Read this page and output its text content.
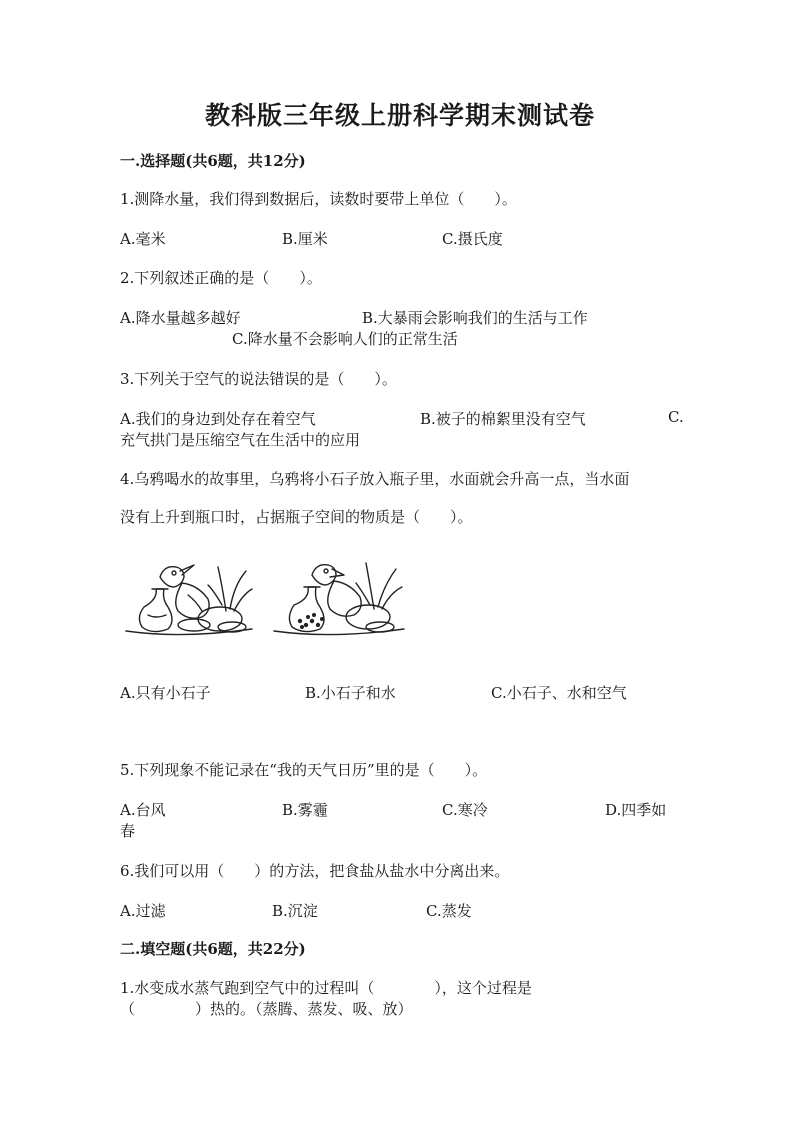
教科版三年级上册科学期末测试卷
一.选择题(共6题，共12分)
1.测降水量，我们得到数据后，读数时要带上单位（　　）。
A.毫米	B.厘米	C.摄氏度
2.下列叙述正确的是（　　）。
A.降水量越多越好	B.大暴雨会影响我们的生活与工作
C.降水量不会影响人们的正常生活
3.下列关于空气的说法错误的是（　　）。
A.我们的身边到处存在着空气	B.被子的棉絮里没有空气	C.
充气拱门是压缩空气在生活中的应用
4.乌鸦喝水的故事里，乌鸦将小石子放入瓶子里，水面就会升高一点，当水面
没有上升到瓶口时，占据瓶子空间的物质是（　　）。
A.只有小石子	B.小石子和水	C.小石子、水和空气
5.下列现象不能记录在“我的天气日历”里的是（　　）。
A.台风	B.雾霾	C.寒冷	D.四季如
春
6.我们可以用（　　）的方法，把食盐从盐水中分离出来。
A.过滤	B.沉淀	C.蒸发
二.填空题(共6题，共22分)
1.水变成水蒸气跑到空气中的过程叫（　　　　），这个过程是
（　　　　）热的。（蒸腾、蒸发、吸、放）
